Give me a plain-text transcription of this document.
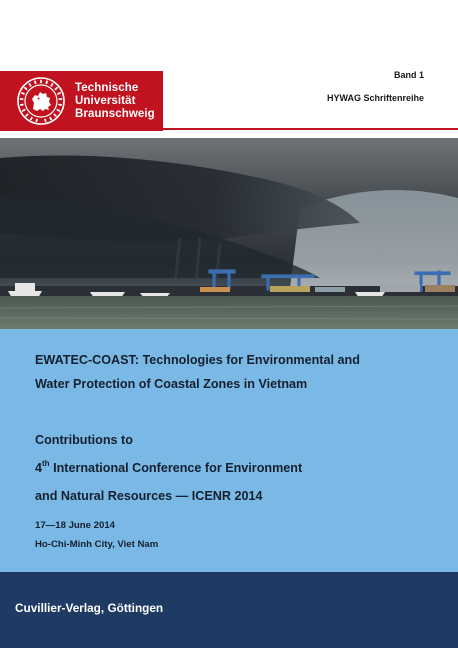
Technische
Universität
Braunschweig
Band 1
HYWAG Schriftenreihe
EWATEC-COAST: Technologies for Environmental and
Water Protection of Coastal Zones in Vietnam
Contributions to
4th International Conference for Environment
and Natural Resources — ICENR 2014
17—18 June 2014
Ho-Chi-Minh City, Viet Nam
Cuvillier-Verlag, Göttingen
